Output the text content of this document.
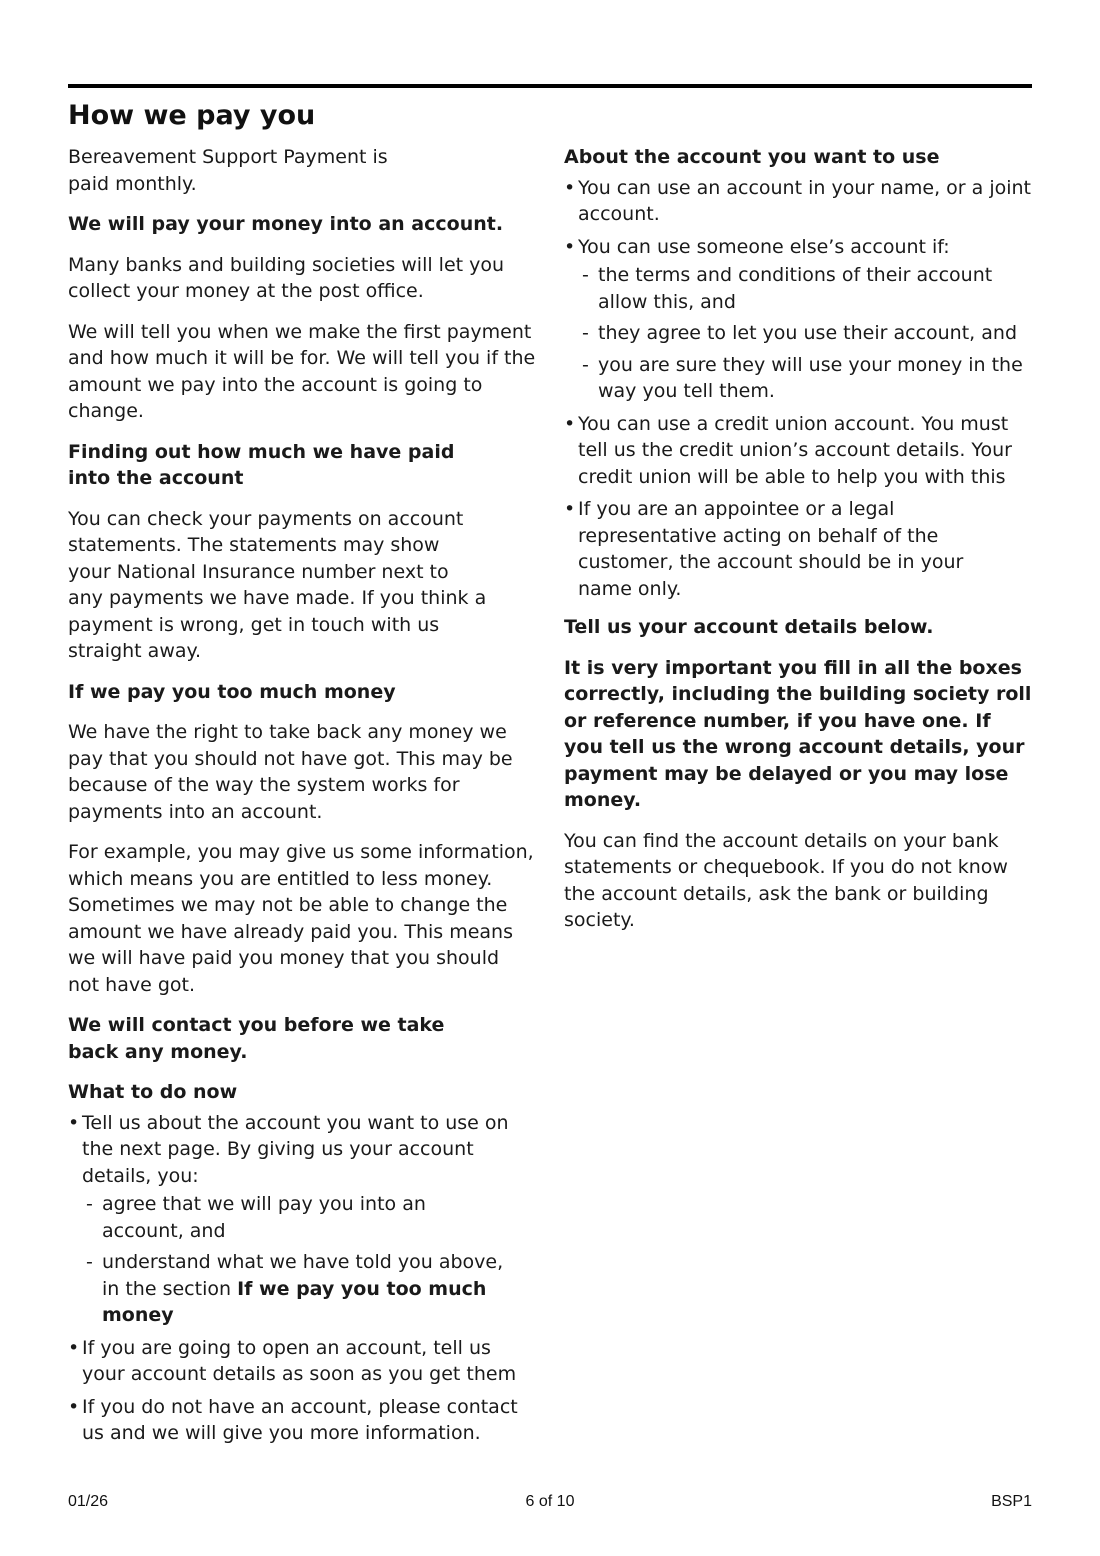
How we pay you

Bereavement Support Payment is paid monthly.

We will pay your money into an account.

Many banks and building societies will let you collect your money at the post office.

We will tell you when we make the first payment and how much it will be for. We will tell you if the amount we pay into the account is going to change.

Finding out how much we have paid into the account

You can check your payments on account statements. The statements may show your National Insurance number next to any payments we have made. If you think a payment is wrong, get in touch with us straight away.

If we pay you too much money

We have the right to take back any money we pay that you should not have got. This may be because of the way the system works for payments into an account.

For example, you may give us some information, which means you are entitled to less money. Sometimes we may not be able to change the amount we have already paid you. This means we will have paid you money that you should not have got.

We will contact you before we take back any money.

What to do now

• Tell us about the account you want to use on the next page. By giving us your account details, you:
- agree that we will pay you into an account, and
- understand what we have told you above, in the section If we pay you too much money
• If you are going to open an account, tell us your account details as soon as you get them
• If you do not have an account, please contact us and we will give you more information.

About the account you want to use

• You can use an account in your name, or a joint account.
• You can use someone else’s account if:
- the terms and conditions of their account allow this, and
- they agree to let you use their account, and
- you are sure they will use your money in the way you tell them.
• You can use a credit union account. You must tell us the credit union’s account details. Your credit union will be able to help you with this
• If you are an appointee or a legal representative acting on behalf of the customer, the account should be in your name only.

Tell us your account details below.

It is very important you fill in all the boxes correctly, including the building society roll or reference number, if you have one. If you tell us the wrong account details, your payment may be delayed or you may lose money.

You can find the account details on your bank statements or chequebook. If you do not know the account details, ask the bank or building society.

01/26	6 of 10	BSP1
